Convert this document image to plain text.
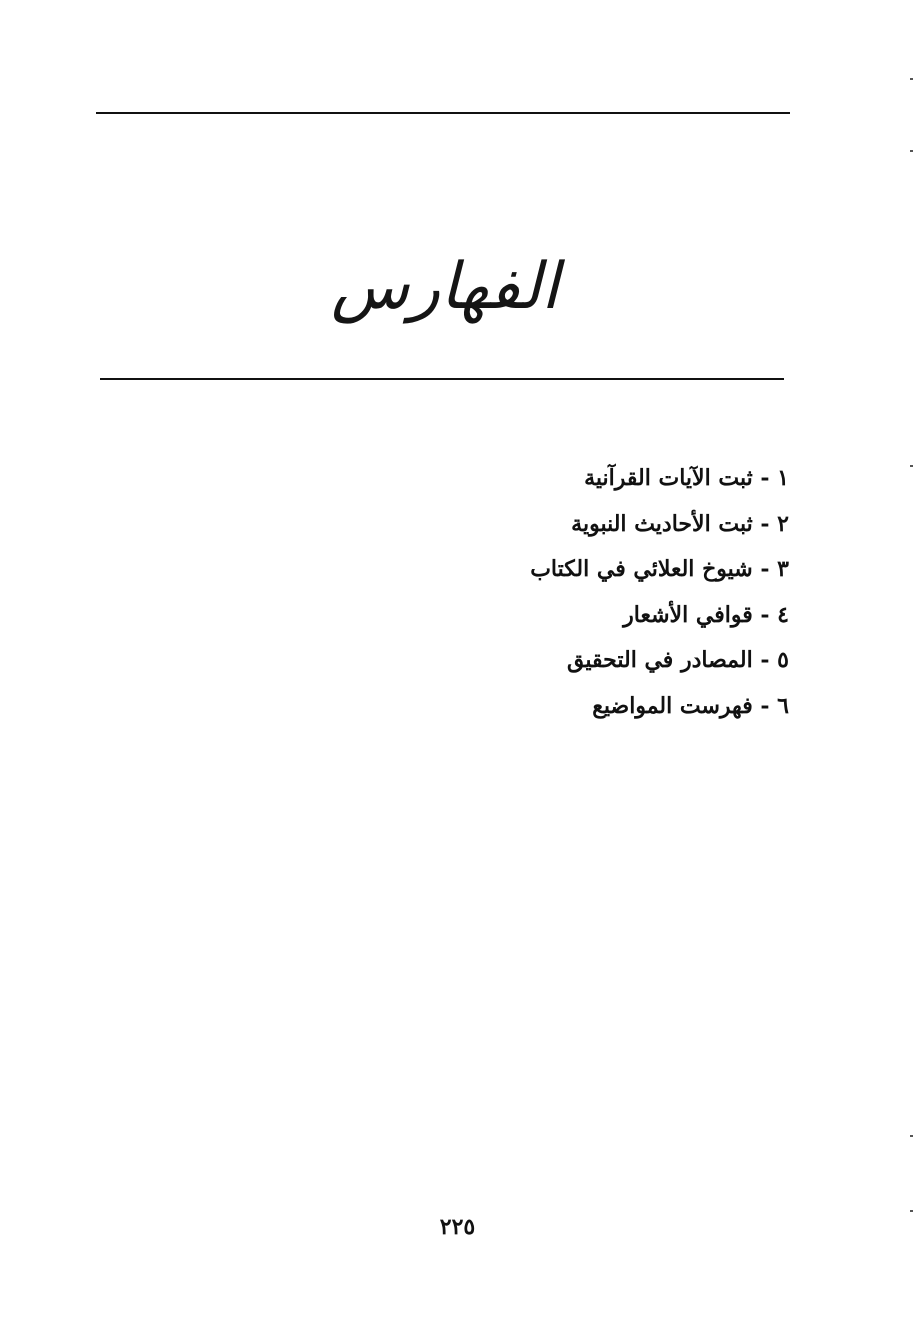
الفهارس
١ - ثبت الآيات القرآنية
٢ - ثبت الأحاديث النبوية
٣ - شيوخ العلائي في الكتاب
٤ - قوافي الأشعار
٥ - المصادر في التحقيق
٦ - فهرست المواضيع
٢٢٥
